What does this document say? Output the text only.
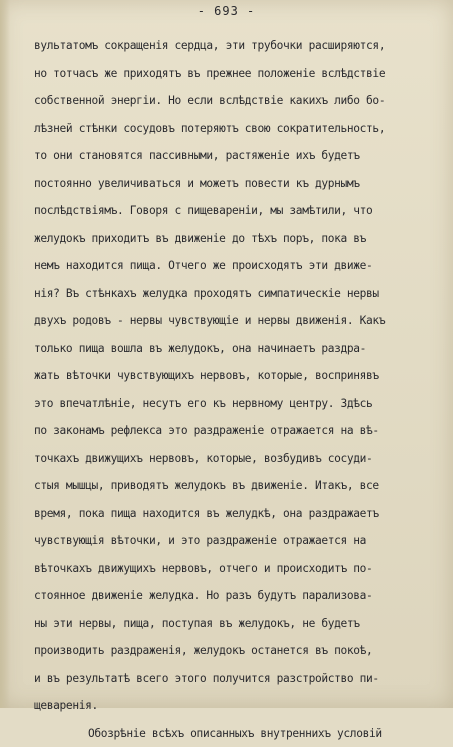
- 693 -
вультатомъ сокращенія сердца, эти трубочки расширяются,
но тотчасъ же приходятъ въ прежнее положеніе вслѣдствіе
собственной энергіи. Но если вслѣдствіе какихъ либо бо-
лѣзней стѣнки сосудовъ потеряютъ свою сократительность,
то они становятся пассивными, растяженіе ихъ будетъ
постоянно увеличиваться и можетъ повести къ дурнымъ
послѣдствіямъ. Говоря с пищевареніи, мы замѣтили, что
желудокъ приходитъ въ движеніе до тѣхъ поръ, пока въ
немъ находится пища. Отчего же происходятъ эти движе-
нія? Въ стѣнкахъ желудка проходятъ симпатическіе нервы
двухъ родовъ - нервы чувствующіе и нервы движенія. Какъ
только пища вошла въ желудокъ, она начинаетъ раздра-
жать вѣточки чувствующихъ нервовъ, которые, воспринявъ
это впечатлѣніе, несутъ его къ нервному центру. Здѣсь
по законамъ рефлекса это раздраженіе отражается на вѣ-
точкахъ движущихъ нервовъ, которые, возбудивъ сосуди-
стыя мышцы, приводятъ желудокъ въ движеніе. Итакъ, все
время, пока пища находится въ желудкѣ, она раздражаетъ
чувствующія вѣточки, и это раздраженіе отражается на
вѣточкахъ движущихъ нервовъ, отчего и происходитъ по-
стоянное движеніе желудка. Но разъ будутъ парализова-
ны эти нервы, пища, поступая въ желудокъ, не будетъ
производить раздраженія, желудокъ останется въ покоѣ,
и въ результатѣ всего этого получится разстройство пи-
щеваренія.
Обозрѣніе всѣхъ описанныхъ внутреннихъ условій
